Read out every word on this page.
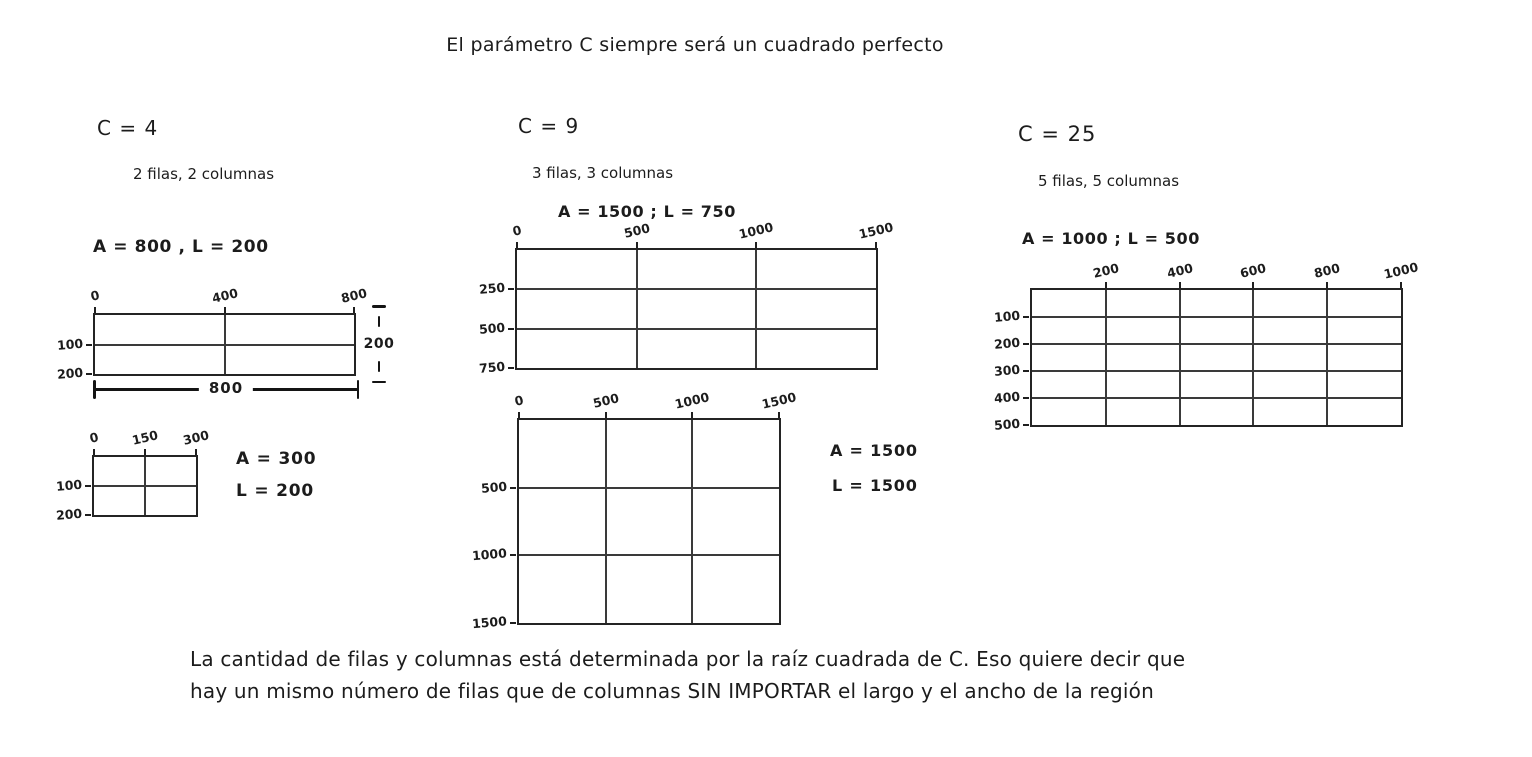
El parámetro C siempre será un cuadrado perfecto
C = 4
2 filas, 2 columnas
A = 800 , L = 200
0	400	800
100
200
800
200
0 150 300
100
200
A = 300
L = 200
C = 9
3 filas, 3 columnas
A = 1500 ; L = 750
0	500	1000	1500
250
500
750
0	500	1000	1500
500
1000
1500
A = 1500
L = 1500
C = 25
5 filas, 5 columnas
A = 1000 ; L = 500
200	400	600	800	1000
100
200
300
400
500
La cantidad de filas y columnas está determinada por la raíz cuadrada de C. Eso quiere decir que
hay un mismo número de filas que de columnas SIN IMPORTAR el largo y el ancho de la región
